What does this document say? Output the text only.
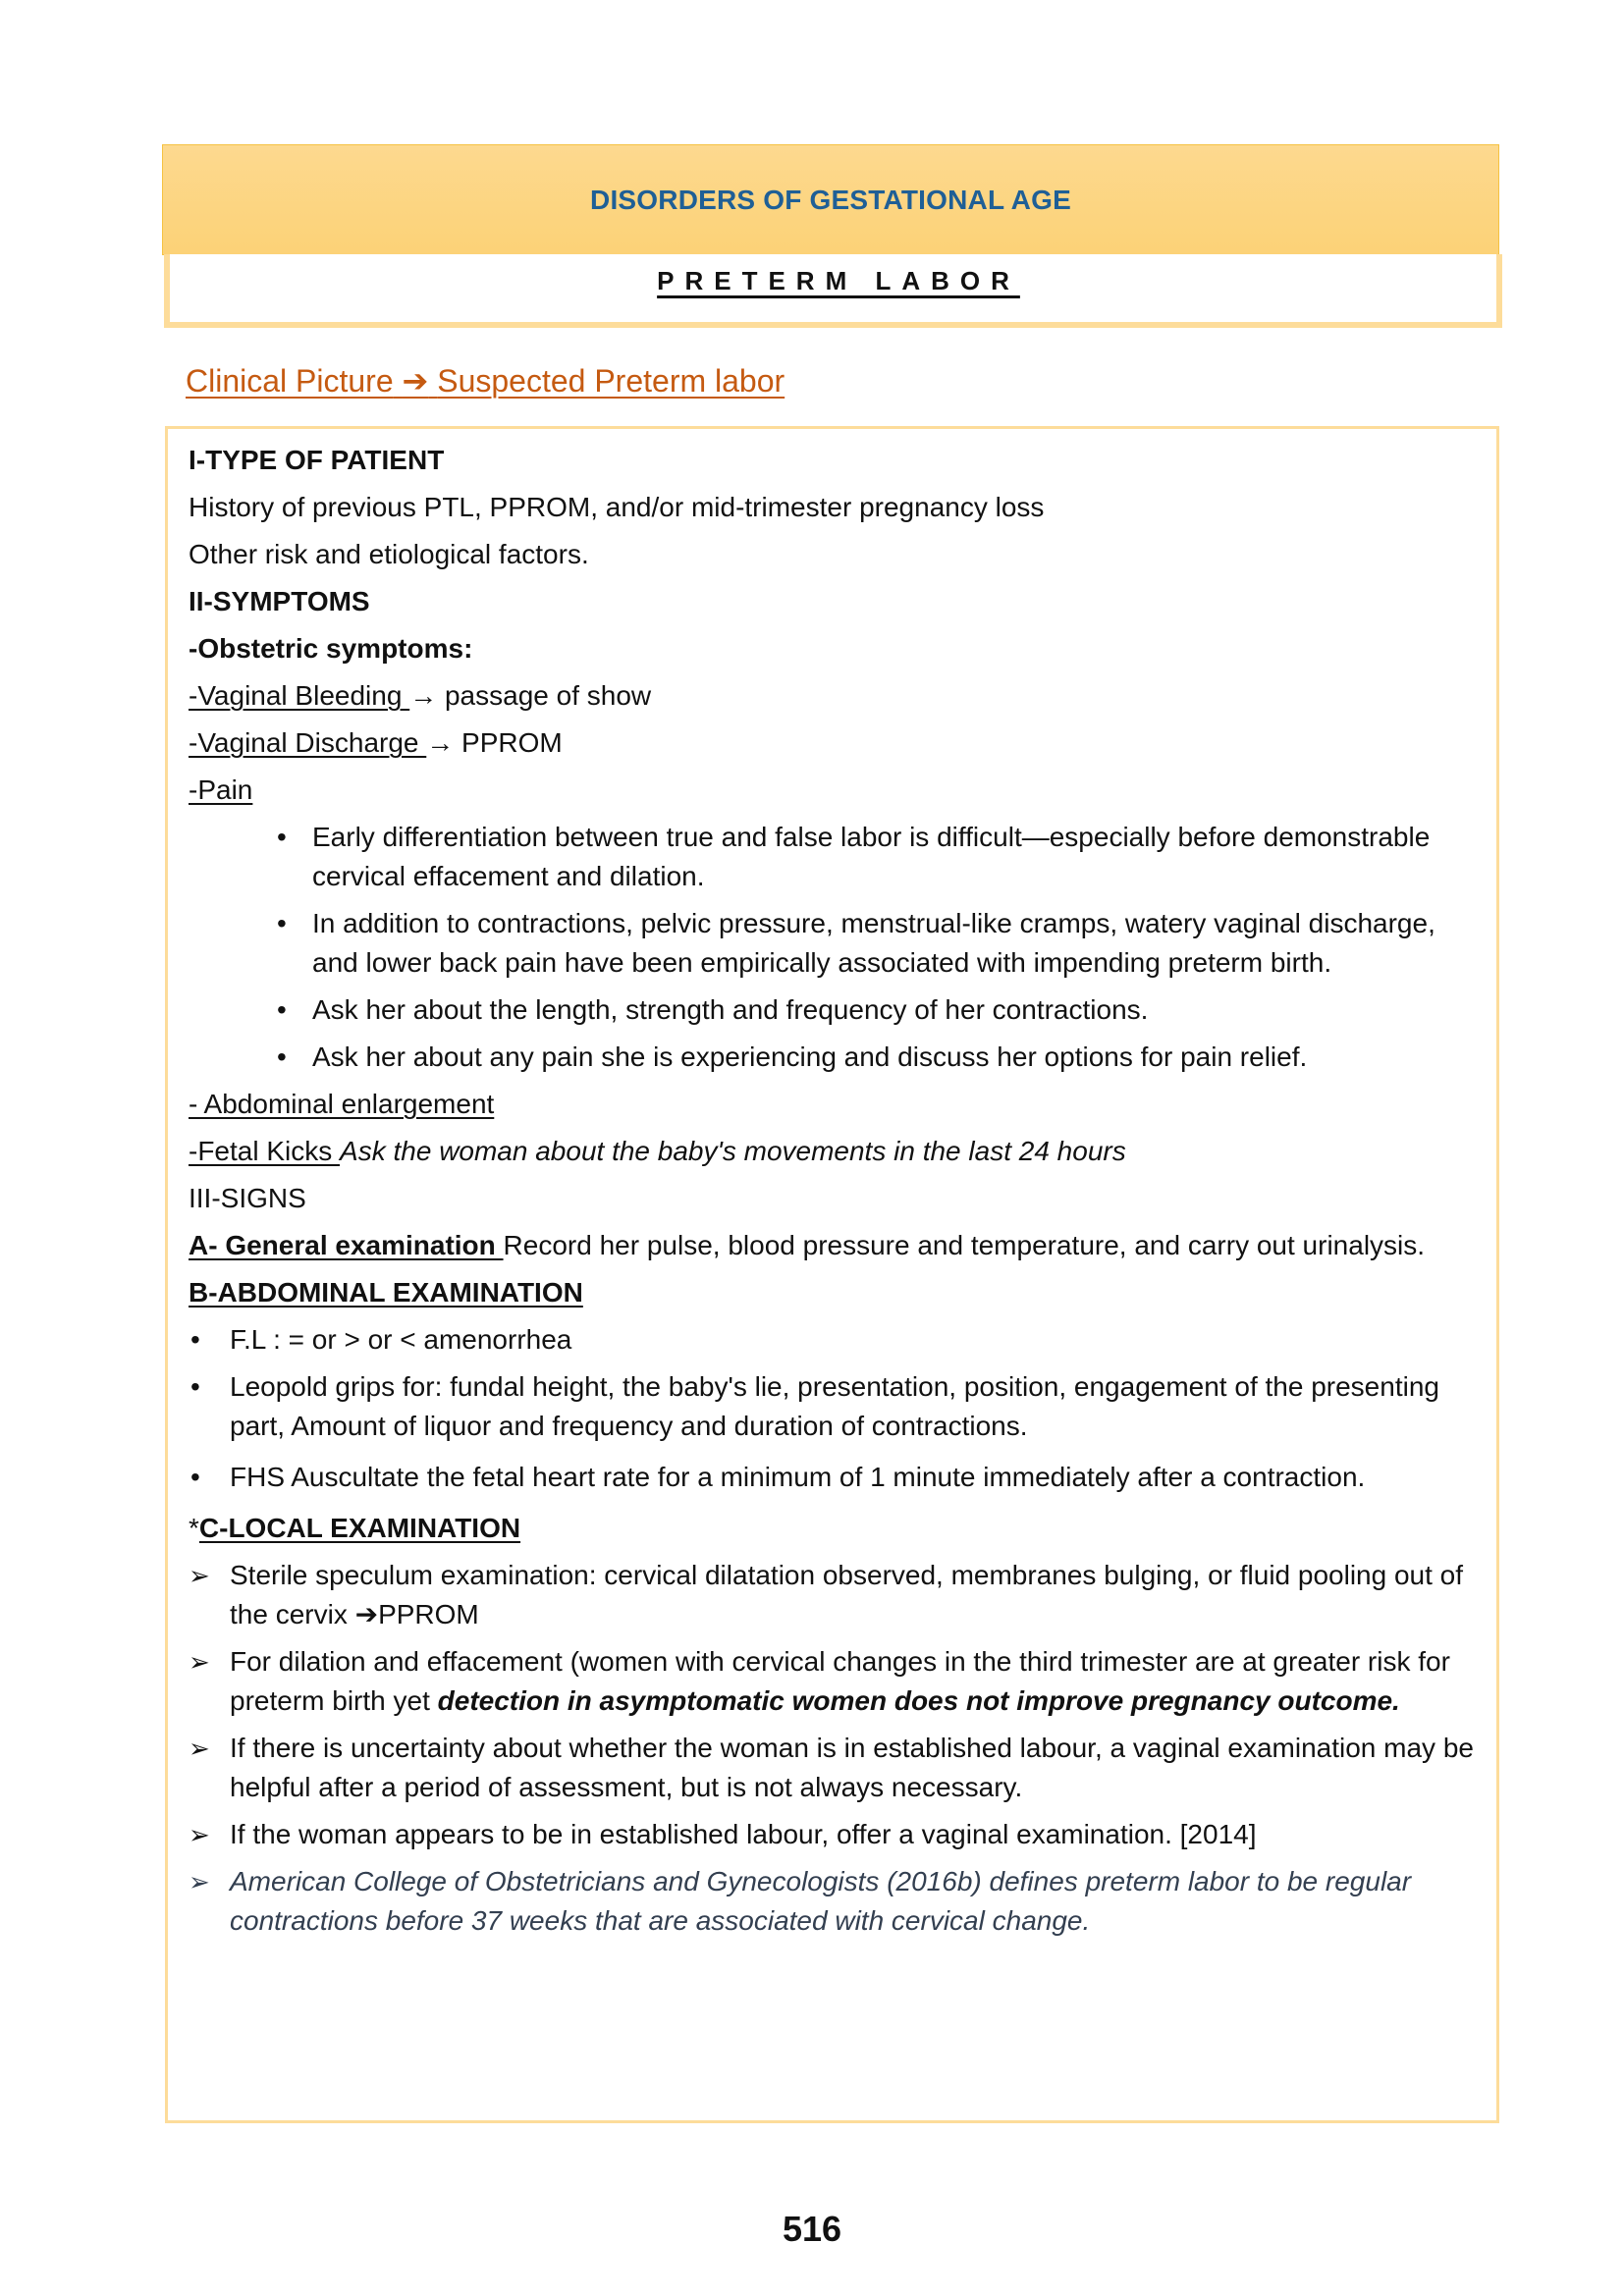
DISORDERS OF GESTATIONAL AGE
PRETERM LABOR
Clinical Picture ➔ Suspected Preterm labor
I-TYPE OF PATIENT
History of previous PTL, PPROM, and/or mid-trimester pregnancy loss
Other risk and etiological factors.
II-SYMPTOMS
-Obstetric symptoms:
-Vaginal Bleeding → passage of show
-Vaginal Discharge → PPROM
-Pain
• Early differentiation between true and false labor is difficult—especially before demonstrable cervical effacement and dilation.
• In addition to contractions, pelvic pressure, menstrual-like cramps, watery vaginal discharge, and lower back pain have been empirically associated with impending preterm birth.
• Ask her about the length, strength and frequency of her contractions.
• Ask her about any pain she is experiencing and discuss her options for pain relief.
- Abdominal enlargement
-Fetal Kicks Ask the woman about the baby's movements in the last 24 hours
III-SIGNS
A- General examination Record her pulse, blood pressure and temperature, and carry out urinalysis.
B-ABDOMINAL EXAMINATION
• F.L : = or > or < amenorrhea
• Leopold grips for: fundal height, the baby's lie, presentation, position, engagement of the presenting part, Amount of liquor and frequency and duration of contractions.
• FHS Auscultate the fetal heart rate for a minimum of 1 minute immediately after a contraction.
*C-LOCAL EXAMINATION
➢ Sterile speculum examination: cervical dilatation observed, membranes bulging, or fluid pooling out of the cervix ➔PPROM
➢ For dilation and effacement (women with cervical changes in the third trimester are at greater risk for preterm birth yet detection in asymptomatic women does not improve pregnancy outcome.
➢ If there is uncertainty about whether the woman is in established labour, a vaginal examination may be helpful after a period of assessment, but is not always necessary.
➢ If the woman appears to be in established labour, offer a vaginal examination. [2014]
➢ American College of Obstetricians and Gynecologists (2016b) defines preterm labor to be regular contractions before 37 weeks that are associated with cervical change.
516
